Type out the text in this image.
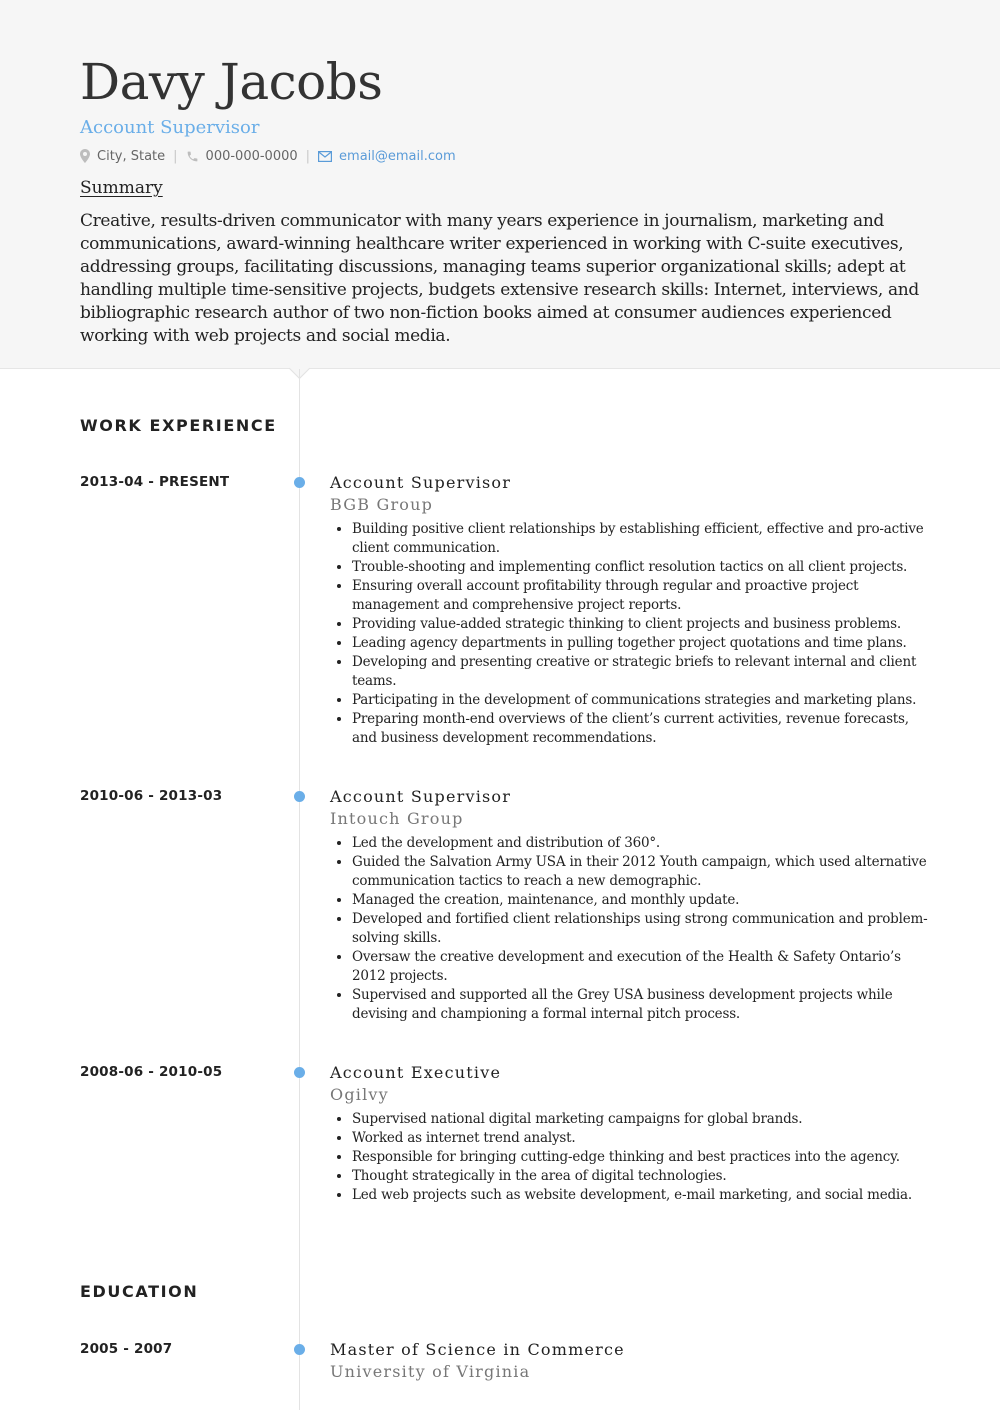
Davy Jacobs
Account Supervisor
City, State | 000-000-0000 | email@email.com
Summary

Creative, results-driven communicator with many years experience in journalism, marketing and communications, award-winning healthcare writer experienced in working with C-suite executives, addressing groups, facilitating discussions, managing teams superior organizational skills; adept at handling multiple time-sensitive projects, budgets extensive research skills: Internet, interviews, and bibliographic research author of two non-fiction books aimed at consumer audiences experienced working with web projects and social media.

WORK EXPERIENCE
2013-04 - PRESENT	Account Supervisor
BGB Group
• Building positive client relationships by establishing efficient, effective and pro-active client communication.
• Trouble-shooting and implementing conflict resolution tactics on all client projects.
• Ensuring overall account profitability through regular and proactive project management and comprehensive project reports.
• Providing value-added strategic thinking to client projects and business problems.
• Leading agency departments in pulling together project quotations and time plans.
• Developing and presenting creative or strategic briefs to relevant internal and client teams.
• Participating in the development of communications strategies and marketing plans.
• Preparing month-end overviews of the client’s current activities, revenue forecasts, and business development recommendations.
2010-06 - 2013-03	Account Supervisor
Intouch Group
• Led the development and distribution of 360°.
• Guided the Salvation Army USA in their 2012 Youth campaign, which used alternative communication tactics to reach a new demographic.
• Managed the creation, maintenance, and monthly update.
• Developed and fortified client relationships using strong communication and problem-solving skills.
• Oversaw the creative development and execution of the Health & Safety Ontario’s 2012 projects.
• Supervised and supported all the Grey USA business development projects while devising and championing a formal internal pitch process.
2008-06 - 2010-05	Account Executive
Ogilvy
• Supervised national digital marketing campaigns for global brands.
• Worked as internet trend analyst.
• Responsible for bringing cutting-edge thinking and best practices into the agency.
• Thought strategically in the area of digital technologies.
• Led web projects such as website development, e-mail marketing, and social media.
EDUCATION
2005 - 2007	Master of Science in Commerce
University of Virginia
